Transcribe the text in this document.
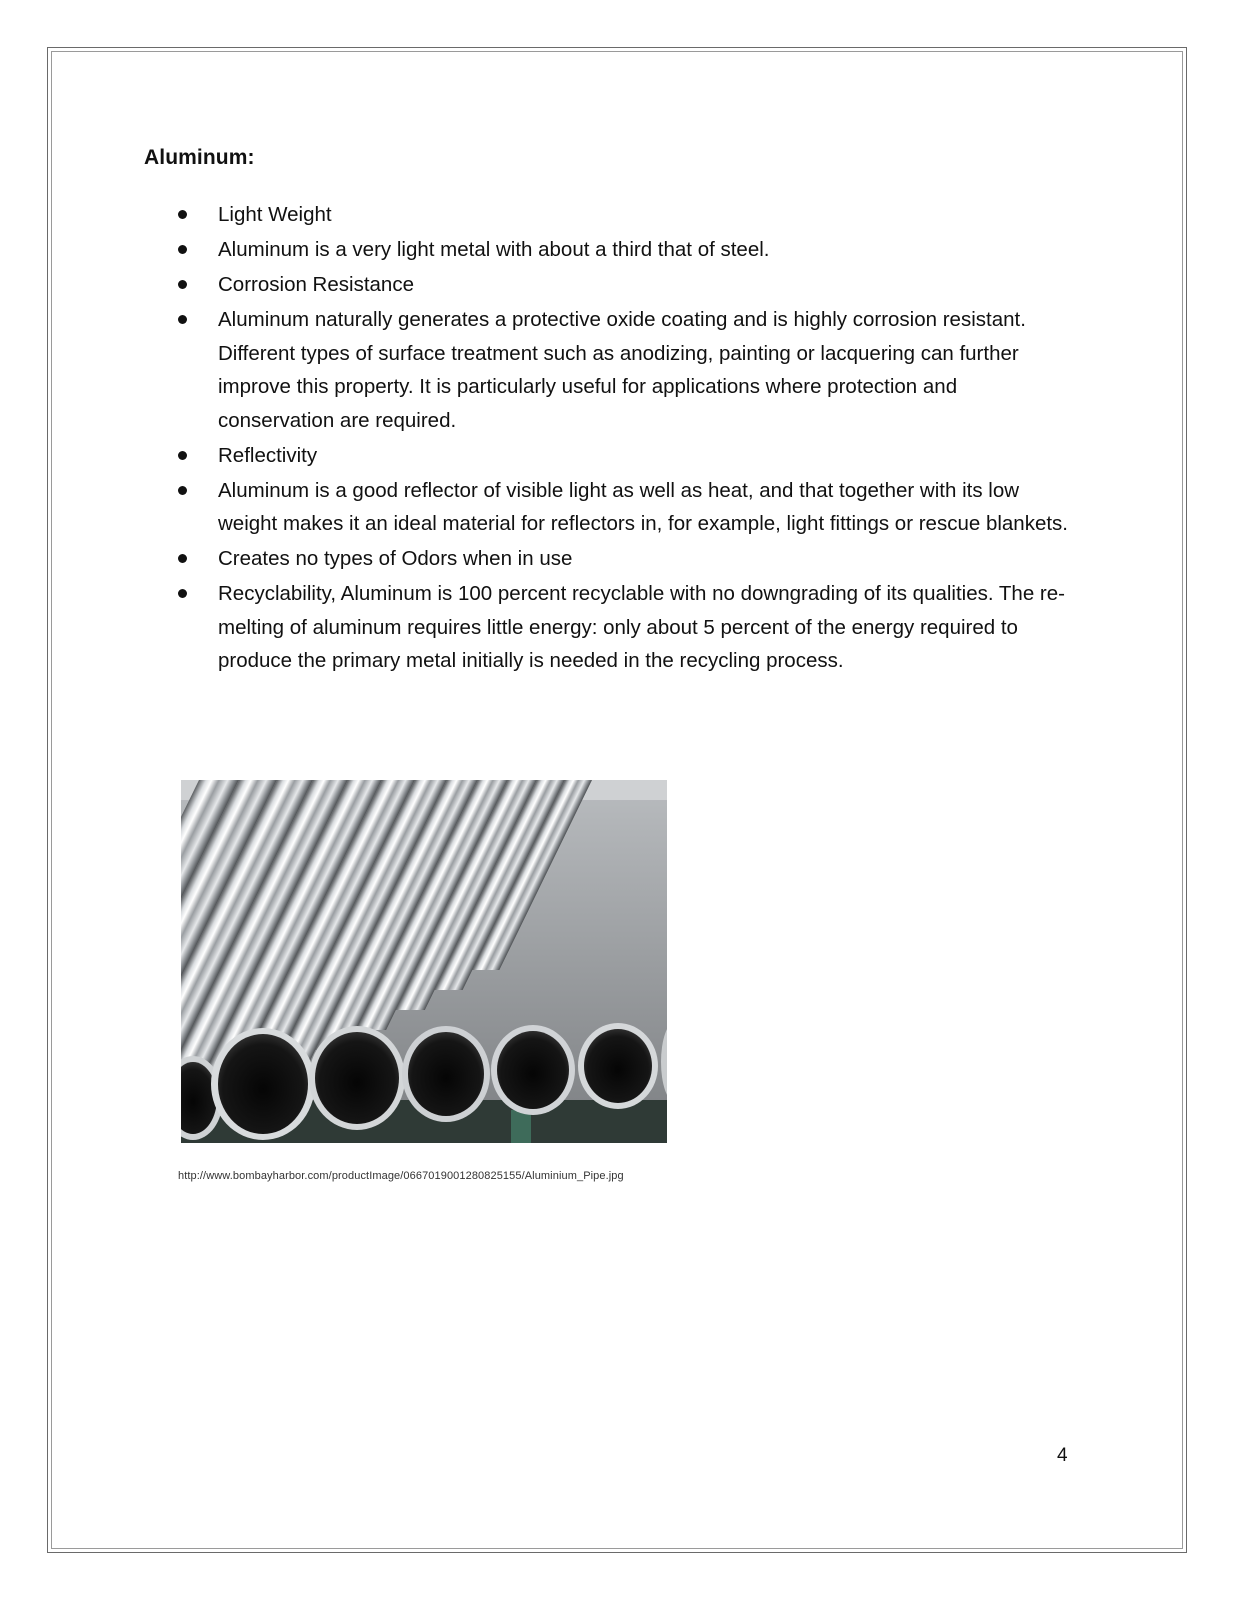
Aluminum:
Light Weight
Aluminum is a very light metal with about a third that of steel.
Corrosion Resistance
Aluminum naturally generates a protective oxide coating and is highly corrosion resistant. Different types of surface treatment such as anodizing, painting or lacquering can further improve this property. It is particularly useful for applications where protection and conservation are required.
Reflectivity
Aluminum is a good reflector of visible light as well as heat, and that together with its low weight makes it an ideal material for reflectors in, for example, light fittings or rescue blankets.
Creates no types of Odors when in use
Recyclability, Aluminum is 100 percent recyclable with no downgrading of its qualities. The re-melting of aluminum requires little energy: only about 5 percent of the energy required to produce the primary metal initially is needed in the recycling process.
http://www.bombayharbor.com/productImage/0667019001280825155/Aluminium_Pipe.jpg
4
